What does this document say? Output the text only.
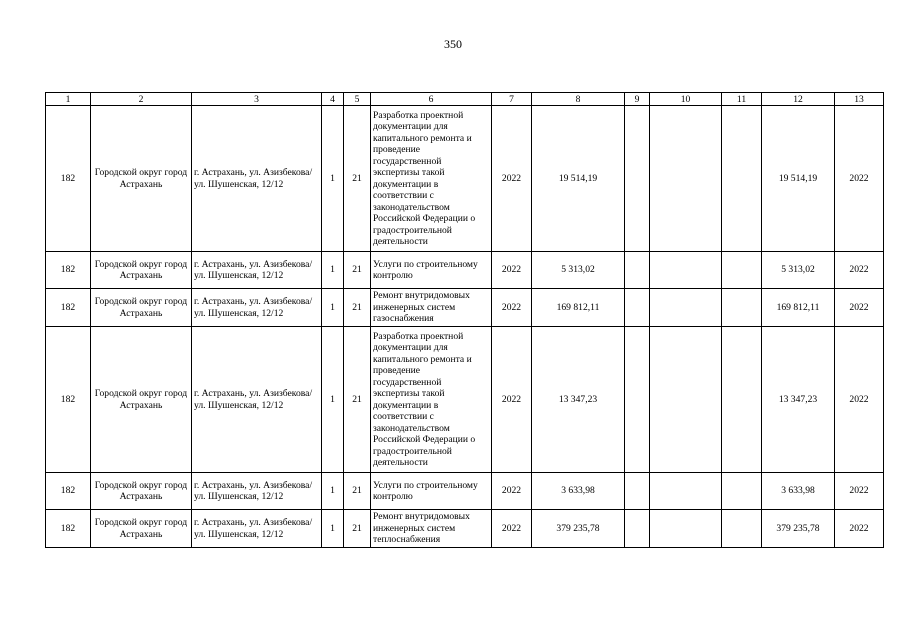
350
1	2	3	4	5	6	7	8	9	10	11	12	13
182	Городской округ город Астрахань	г. Астрахань, ул. Азизбекова/ ул. Шушенская, 12/12	1	21	Разработка проектной документации для капитального ремонта и проведение государственной экспертизы такой документации в соответствии с законодательством Российской Федерации о градостроительной деятельности	2022	19 514,19				19 514,19	2022
182	Городской округ город Астрахань	г. Астрахань, ул. Азизбекова/ ул. Шушенская, 12/12	1	21	Услуги по строительному контролю	2022	5 313,02				5 313,02	2022
182	Городской округ город Астрахань	г. Астрахань, ул. Азизбекова/ ул. Шушенская, 12/12	1	21	Ремонт внутридомовых инженерных систем газоснабжения	2022	169 812,11				169 812,11	2022
182	Городской округ город Астрахань	г. Астрахань, ул. Азизбекова/ ул. Шушенская, 12/12	1	21	Разработка проектной документации для капитального ремонта и проведение государственной экспертизы такой документации в соответствии с законодательством Российской Федерации о градостроительной деятельности	2022	13 347,23				13 347,23	2022
182	Городской округ город Астрахань	г. Астрахань, ул. Азизбекова/ ул. Шушенская, 12/12	1	21	Услуги по строительному контролю	2022	3 633,98				3 633,98	2022
182	Городской округ город Астрахань	г. Астрахань, ул. Азизбекова/ ул. Шушенская, 12/12	1	21	Ремонт внутридомовых инженерных систем теплоснабжения	2022	379 235,78				379 235,78	2022
